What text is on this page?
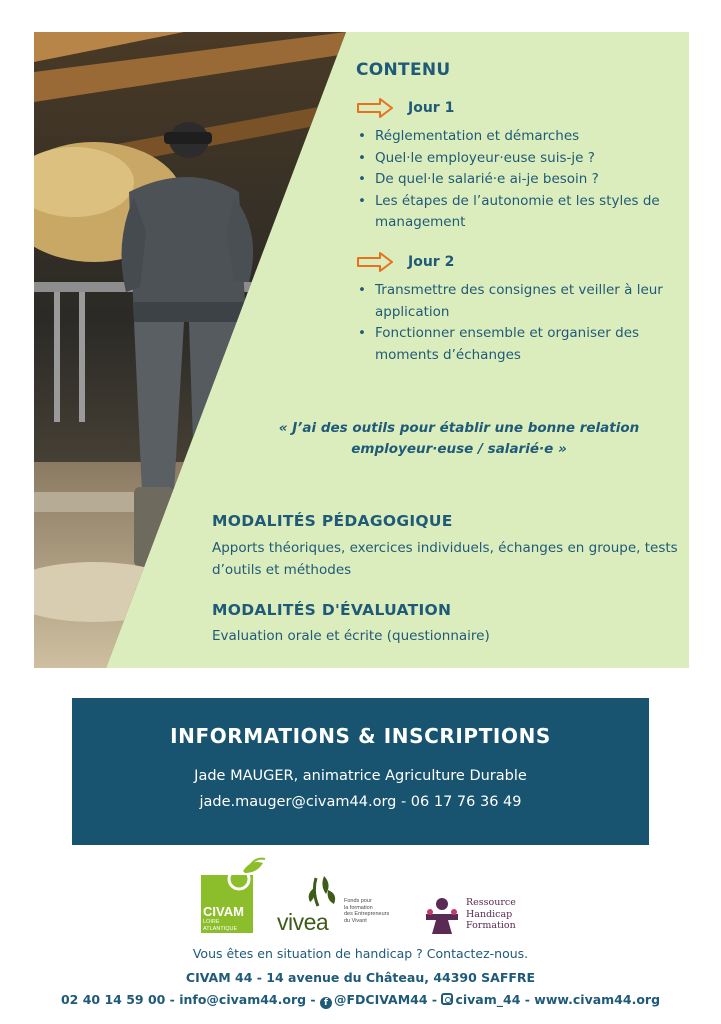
CONTENU
Jour 1
• Réglementation et démarches
• Quel·le employeur·euse suis-je ?
• De quel·le salarié·e ai-je besoin ?
• Les étapes de l’autonomie et les styles de management
Jour 2
• Transmettre des consignes et veiller à leur application
• Fonctionner ensemble et organiser des moments d’échanges
« J’ai des outils pour établir une bonne relation
employeur·euse / salarié·e »
MODALITÉS PÉDAGOGIQUE
Apports théoriques, exercices individuels, échanges en groupe, tests d’outils et méthodes
MODALITÉS D'ÉVALUATION
Evaluation orale et écrite (questionnaire)
INFORMATIONS & INSCRIPTIONS
Jade MAUGER, animatrice Agriculture Durable
jade.mauger@civam44.org - 06 17 76 36 49
CIVAM
LOIRE
ATLANTIQUE vivea
Fonds pour
la formation
des Entrepreneurs
du Vivant
Ressource
Handicap
Formation
Vous êtes en situation de handicap ? Contactez-nous.
CIVAM 44 - 14 avenue du Château, 44390 SAFFRE
02 40 14 59 00 - info@civam44.org - f @FDCIVAM44 - civam_44 - www.civam44.org
